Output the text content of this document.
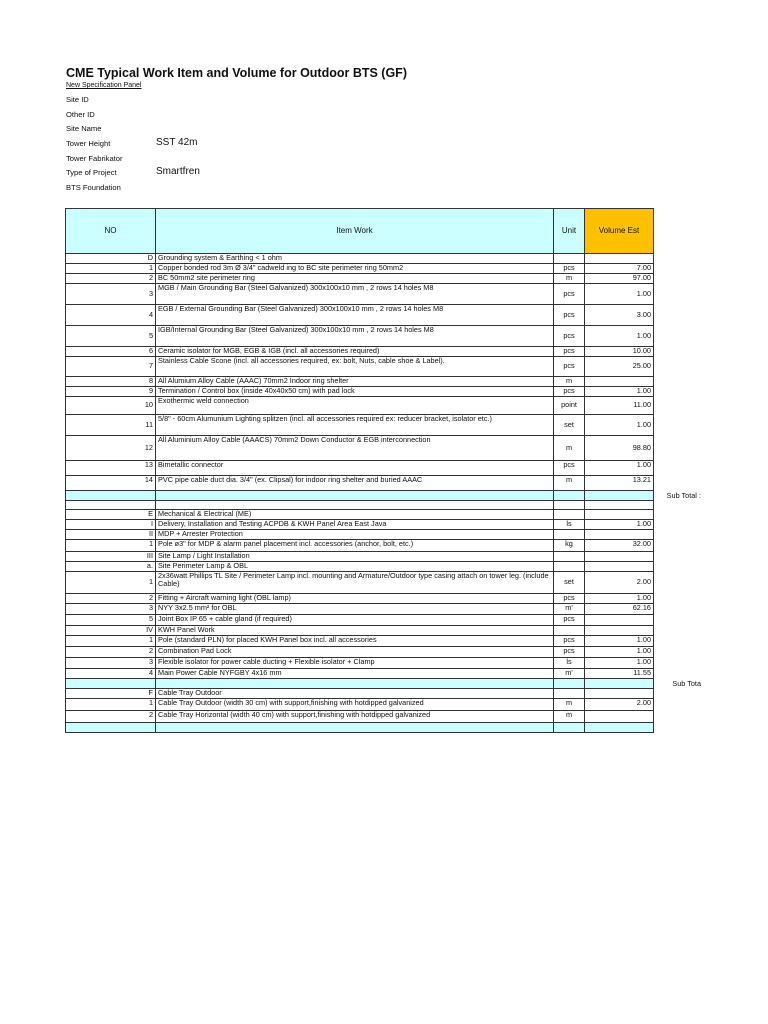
CME Typical Work Item and Volume for Outdoor BTS (GF)
New Specification Panel
Site ID
Other ID
Site Name
Tower Height	SST 42m
Tower Fabrikator
Type of Project	Smartfren
BTS Foundation
NO	Item Work	Unit	Volume Est
D	Grounding system & Earthing < 1 ohm		
1	Copper bonded rod 3m Ø 3/4" cadweld ing to BC site perimeter ring 50mm2	pcs	7.00
2	BC 50mm2 site perimeter ring	m	97.00
3	MGB / Main Grounding Bar (Steel Galvanized) 300x100x10 mm , 2 rows 14 holes M8	pcs	1.00
4	EGB / External Grounding Bar (Steel Galvanized) 300x100x10 mm , 2 rows 14 holes M8	pcs	3.00
5	IGB/Internal Grounding Bar (Steel Galvanized) 300x100x10 mm , 2 rows 14 holes M8	pcs	1.00
6	Ceramic isolator for MGB, EGB & IGB (incl. all accessories required)	pcs	10.00
7	Stainless Cable Scone (incl. all accessories required, ex: bolt, Nuts, cable shoe & Label).	pcs	25.00
8	All Alumium Alloy Cable (AAAC) 70mm2 Indoor ring shelter	m	
9	Termination / Control box (inside 40x40x50 cm) with pad lock	pcs	1.00
10	Exothermic weld connection	point	11.00
11	5/8" - 60cm Alumunium Lighting splitzen (incl. all accessories required ex: reducer bracket, isolator etc.)	set	1.00
12	All Aluminium Alloy Cable (AAACS) 70mm2 Down Conductor & EGB interconnection	m	98.80
13	Bimetallic connector	pcs	1.00
14	PVC pipe cable duct dia. 3/4" (ex. Clipsal) for indoor ring shelter and buried AAAC	m	13.21

			Sub Total :

E	Mechanical & Electrical (ME)		
I	Delivery, Installation and Testing ACPDB & KWH Panel Area East Java	ls	1.00
II	MDP + Arrester Protection		
1	Pole ø3" for MDP & alarm panel placement incl. accessories (anchor, bolt, etc.)	kg	32.00
III	Site Lamp / Light Installation		
a.	Site Perimeter Lamp & OBL		
1	2x36watt Phillips TL Site / Perimeter Lamp incl. mounting and Armature/Outdoor type casing attach on tower leg. (include Cable)	set	2.00
2	Fitting + Aircraft warning light (OBL lamp)	pcs	1.00
3	NYY 3x2.5 mm² for OBL	m'	62.16
5	Joint Box IP 65 + cable gland (if required)	pcs	
IV	KWH Panel Work		
1	Pole (standard PLN) for placed KWH Panel box incl. all accessories	pcs	1.00
2	Combination Pad Lock	pcs	1.00
3	Flexible isolator for power cable ducting + Flexible isolator + Clamp	ls	1.00
4	Main Power Cable NYFGBY 4x16 mm	m'	11.55

			Sub Tota

F	Cable Tray Outdoor		
1	Cable Tray Outdoor (width 30 cm) with support,finishing with hotdipped galvanized	m	2.00
2	Cable Tray Horizontal (width 40 cm) with support,finishing with hotdipped galvanized	m	
